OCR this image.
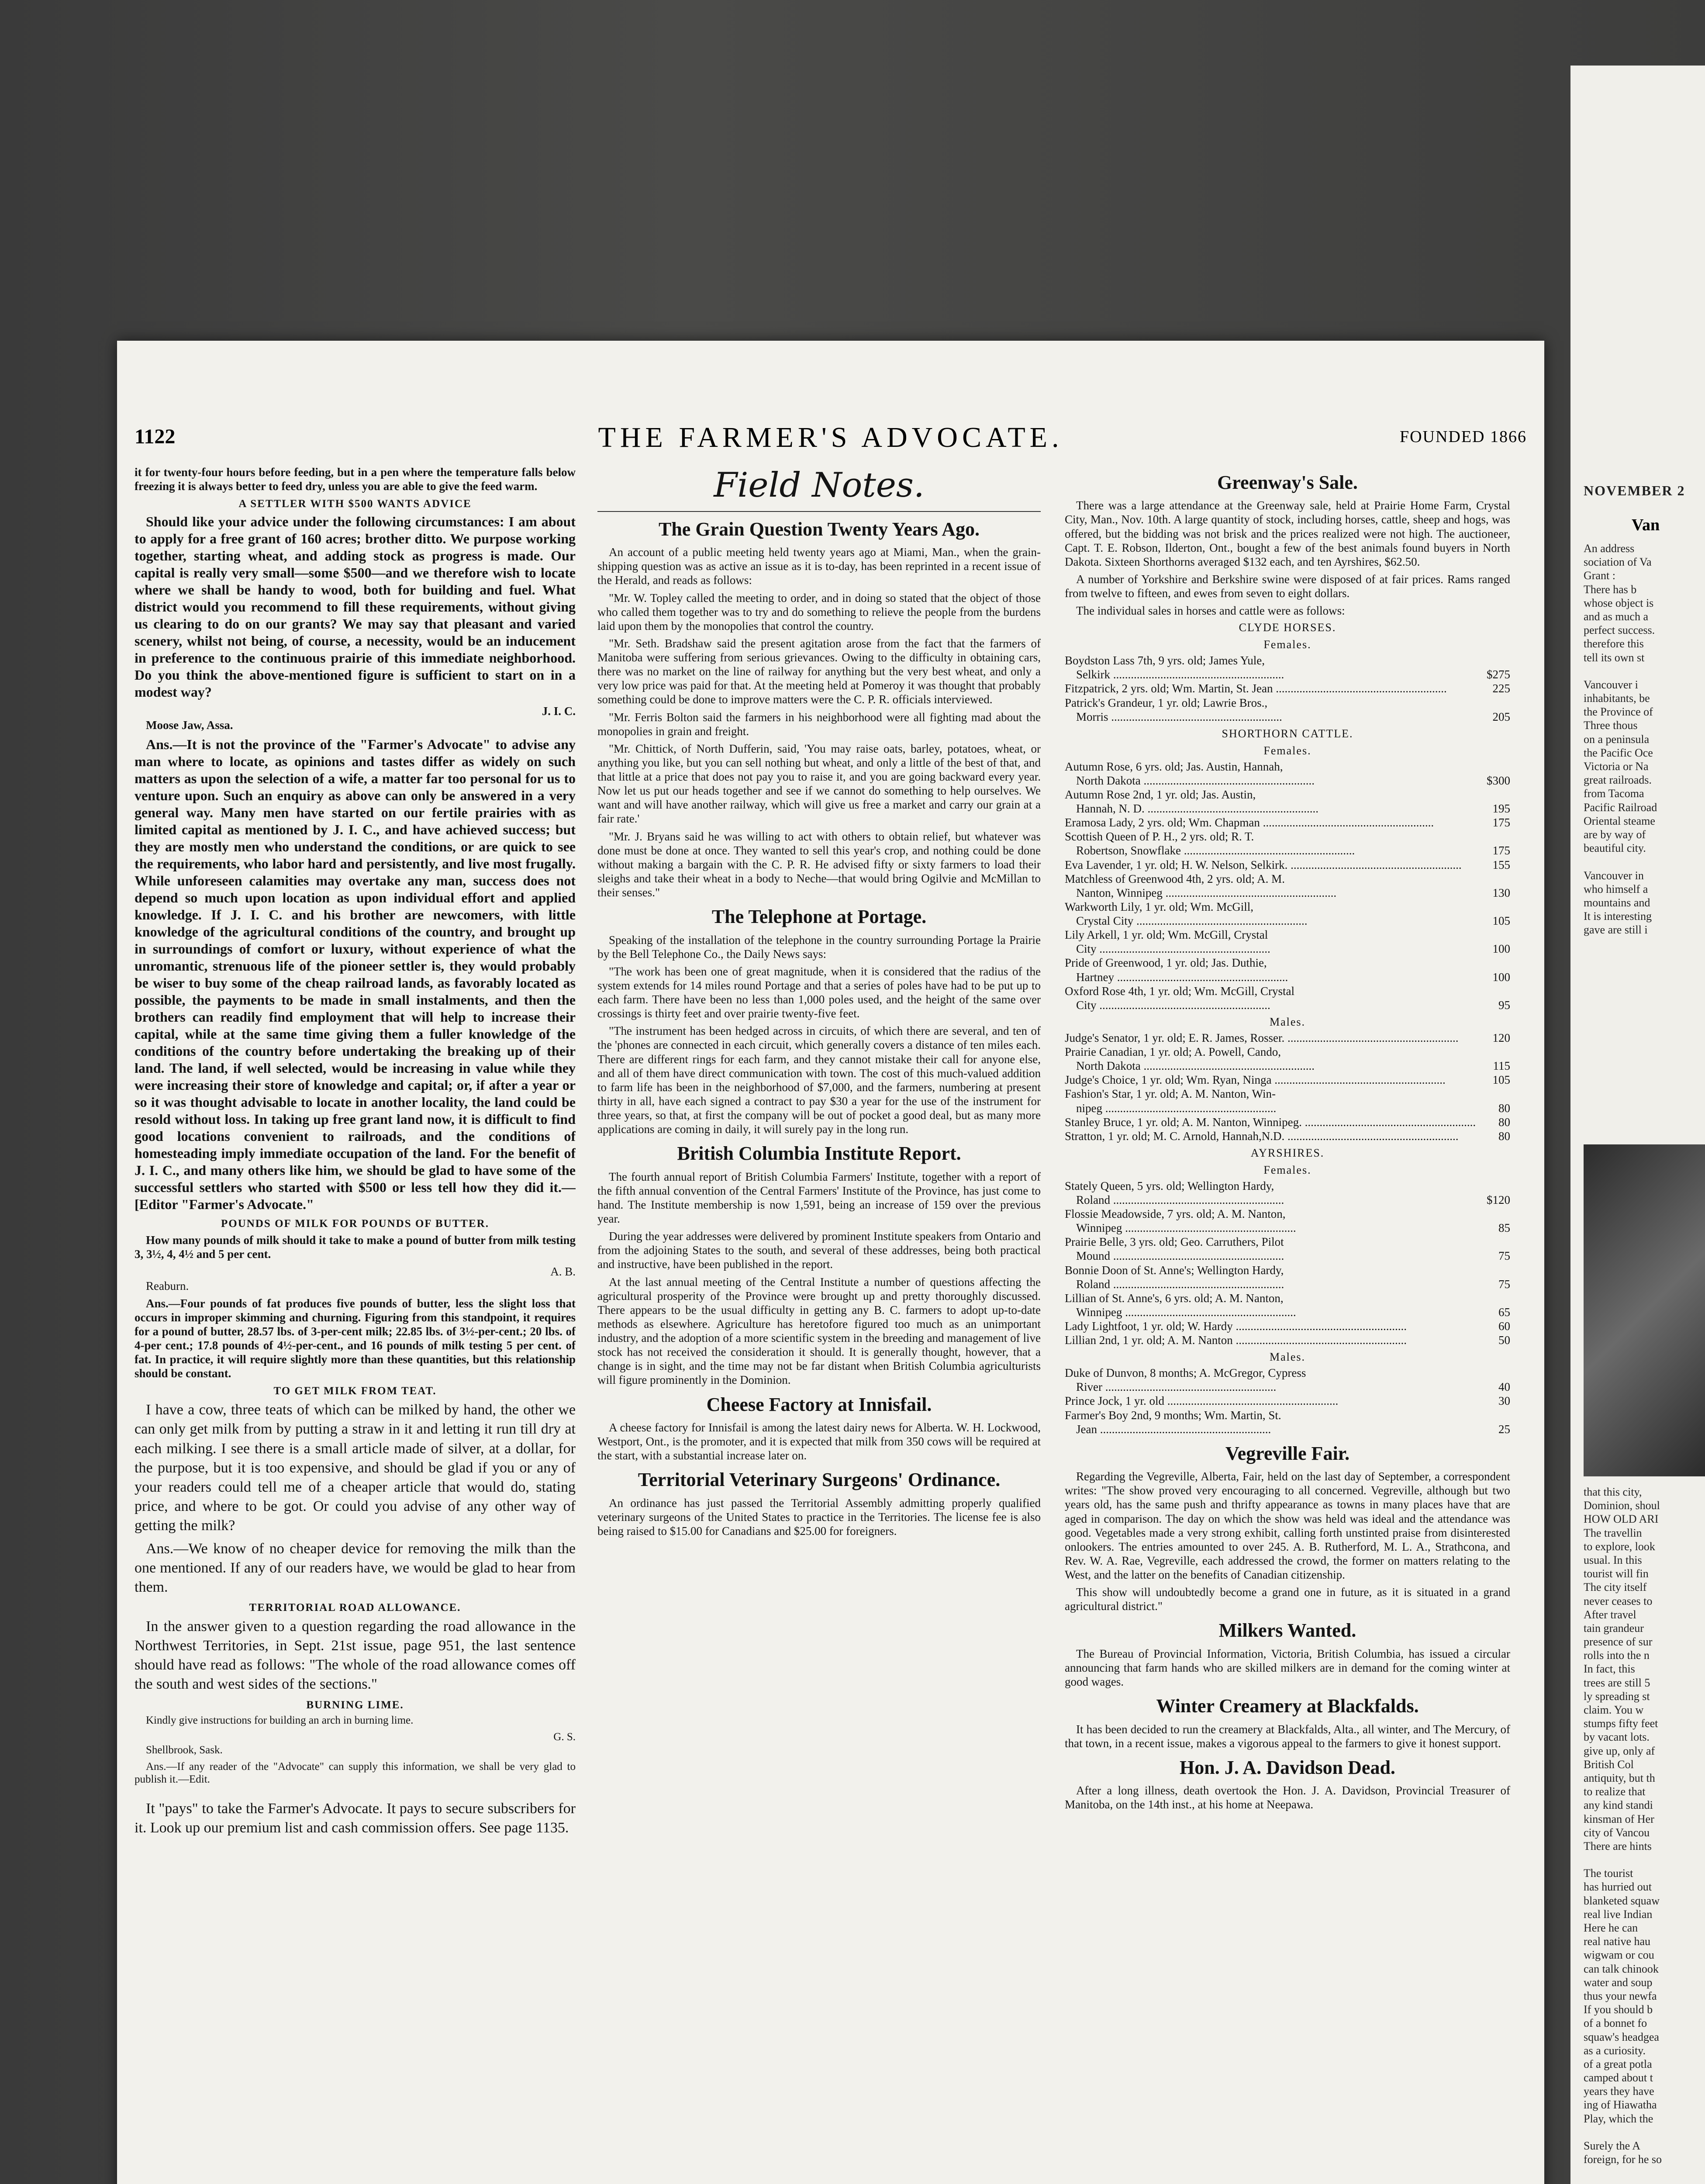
NOVEMBER 2
Van
An address
sociation of Va
Grant :
There has b
whose object is
and as much a
perfect success.
therefore this
tell its own st

Vancouver i
inhabitants, be
the Province of
Three thous
on a peninsula
the Pacific Oce
Victoria or Na
great railroads.
from Tacoma
Pacific Railroad
Oriental steame
are by way of
beautiful city.

Vancouver in
who himself a
mountains and
It is interesting
gave are still i
that this city,
Dominion, shoul
HOW OLD ARI
The travellin
to explore, look
usual. In this
tourist will fin
The city itself
never ceases to
After travel
tain grandeur
presence of sur
rolls into the n
In fact, this
trees are still 5
ly spreading st
claim. You w
stumps fifty feet
by vacant lots.
give up, only af
British Col
antiquity, but th
to realize that
any kind standi
kinsman of Her
city of Vancou
There are hints

The tourist
has hurried out
blanketed squaw
real live Indian
Here he can
real native hau
wigwam or cou
can talk chinook
water and soup
thus your newfa
If you should b
of a bonnet fo
squaw's headgea
as a curiosity.
of a great potla
camped about t
years they have
ing of Hiawatha
Play, which the

Surely the A
foreign, for he so
1122	THE FARMER'S ADVOCATE.	FOUNDED 1866

it for twenty-four hours before feeding, but in a pen where the temperature falls below freezing it is always better to feed dry, unless you are able to give the feed warm.

A SETTLER WITH $500 WANTS ADVICE

Should like your advice under the following circumstances: I am about to apply for a free grant of 160 acres; brother ditto. We purpose working together, starting wheat, and adding stock as progress is made. Our capital is really very small—some $500—and we therefore wish to locate where we shall be handy to wood, both for building and fuel. What district would you recommend to fill these requirements, without giving us clearing to do on our grants? We may say that pleasant and varied scenery, whilst not being, of course, a necessity, would be an inducement in preference to the continuous prairie of this immediate neighborhood. Do you think the above-mentioned figure is sufficient to start on in a modest way?

J. I. C.

Moose Jaw, Assa.

Ans.—It is not the province of the "Farmer's Advocate" to advise any man where to locate, as opinions and tastes differ as widely on such matters as upon the selection of a wife, a matter far too personal for us to venture upon. Such an enquiry as above can only be answered in a very general way. Many men have started on our fertile prairies with as limited capital as mentioned by J. I. C., and have achieved success; but they are mostly men who understand the conditions, or are quick to see the requirements, who labor hard and persistently, and live most frugally. While unforeseen calamities may overtake any man, success does not depend so much upon location as upon individual effort and applied knowledge. If J. I. C. and his brother are newcomers, with little knowledge of the agricultural conditions of the country, and brought up in surroundings of comfort or luxury, without experience of what the unromantic, strenuous life of the pioneer settler is, they would probably be wiser to buy some of the cheap railroad lands, as favorably located as possible, the payments to be made in small instalments, and then the brothers can readily find employment that will help to increase their capital, while at the same time giving them a fuller knowledge of the conditions of the country before undertaking the breaking up of their land. The land, if well selected, would be increasing in value while they were increasing their store of knowledge and capital; or, if after a year or so it was thought advisable to locate in another locality, the land could be resold without loss. In taking up free grant land now, it is difficult to find good locations convenient to railroads, and the conditions of homesteading imply immediate occupation of the land. For the benefit of J. I. C., and many others like him, we should be glad to have some of the successful settlers who started with $500 or less tell how they did it.—[Editor "Farmer's Advocate."

POUNDS OF MILK FOR POUNDS OF BUTTER.

How many pounds of milk should it take to make a pound of butter from milk testing 3, 3½, 4, 4½ and 5 per cent.

A. B.

Reaburn.

Ans.—Four pounds of fat produces five pounds of butter, less the slight loss that occurs in improper skimming and churning. Figuring from this standpoint, it requires for a pound of butter, 28.57 lbs. of 3-per-cent milk; 22.85 lbs. of 3½-per-cent.; 20 lbs. of 4-per cent.; 17.8 pounds of 4½-per-cent., and 16 pounds of milk testing 5 per cent. of fat. In practice, it will require slightly more than these quantities, but this relationship should be constant.

TO GET MILK FROM TEAT.

I have a cow, three teats of which can be milked by hand, the other we can only get milk from by putting a straw in it and letting it run till dry at each milking. I see there is a small article made of silver, at a dollar, for the purpose, but it is too expensive, and should be glad if you or any of your readers could tell me of a cheaper article that would do, stating price, and where to be got. Or could you advise of any other way of getting the milk?

Ans.—We know of no cheaper device for removing the milk than the one mentioned. If any of our readers have, we would be glad to hear from them.

TERRITORIAL ROAD ALLOWANCE.

In the answer given to a question regarding the road allowance in the Northwest Territories, in Sept. 21st issue, page 951, the last sentence should have read as follows: "The whole of the road allowance comes off the south and west sides of the sections."

BURNING LIME.

Kindly give instructions for building an arch in burning lime.

G. S.

Shellbrook, Sask.

Ans.—If any reader of the "Advocate" can supply this information, we shall be very glad to publish it.—Edit.

It "pays" to take the Farmer's Advocate. It pays to secure subscribers for it. Look up our premium list and cash commission offers. See page 1135.

Field Notes.
The Grain Question Twenty Years Ago.

An account of a public meeting held twenty years ago at Miami, Man., when the grain-shipping question was as active an issue as it is to-day, has been reprinted in a recent issue of the Herald, and reads as follows:

"Mr. W. Topley called the meeting to order, and in doing so stated that the object of those who called them together was to try and do something to relieve the people from the burdens laid upon them by the monopolies that control the country.

"Mr. Seth. Bradshaw said the present agitation arose from the fact that the farmers of Manitoba were suffering from serious grievances. Owing to the difficulty in obtaining cars, there was no market on the line of railway for anything but the very best wheat, and only a very low price was paid for that. At the meeting held at Pomeroy it was thought that probably something could be done to improve matters were the C. P. R. officials interviewed.

"Mr. Ferris Bolton said the farmers in his neighborhood were all fighting mad about the monopolies in grain and freight.

"Mr. Chittick, of North Dufferin, said, 'You may raise oats, barley, potatoes, wheat, or anything you like, but you can sell nothing but wheat, and only a little of the best of that, and that little at a price that does not pay you to raise it, and you are going backward every year. Now let us put our heads together and see if we cannot do something to help ourselves. We want and will have another railway, which will give us free a market and carry our grain at a fair rate.'

"Mr. J. Bryans said he was willing to act with others to obtain relief, but whatever was done must be done at once. They wanted to sell this year's crop, and nothing could be done without making a bargain with the C. P. R. He advised fifty or sixty farmers to load their sleighs and take their wheat in a body to Neche—that would bring Ogilvie and McMillan to their senses."

The Telephone at Portage.

Speaking of the installation of the telephone in the country surrounding Portage la Prairie by the Bell Telephone Co., the Daily News says:

"The work has been one of great magnitude, when it is considered that the radius of the system extends for 14 miles round Portage and that a series of poles have had to be put up to each farm. There have been no less than 1,000 poles used, and the height of the same over crossings is thirty feet and over prairie twenty-five feet.

"The instrument has been hedged across in circuits, of which there are several, and ten of the 'phones are connected in each circuit, which generally covers a distance of ten miles each. There are different rings for each farm, and they cannot mistake their call for anyone else, and all of them have direct communication with town. The cost of this much-valued addition to farm life has been in the neighborhood of $7,000, and the farmers, numbering at present thirty in all, have each signed a contract to pay $30 a year for the use of the instrument for three years, so that, at first the company will be out of pocket a good deal, but as many more applications are coming in daily, it will surely pay in the long run.

British Columbia Institute Report.

The fourth annual report of British Columbia Farmers' Institute, together with a report of the fifth annual convention of the Central Farmers' Institute of the Province, has just come to hand. The Institute membership is now 1,591, being an increase of 159 over the previous year.

During the year addresses were delivered by prominent Institute speakers from Ontario and from the adjoining States to the south, and several of these addresses, being both practical and instructive, have been published in the report.

At the last annual meeting of the Central Institute a number of questions affecting the agricultural prosperity of the Province were brought up and pretty thoroughly discussed. There appears to be the usual difficulty in getting any B. C. farmers to adopt up-to-date methods as elsewhere. Agriculture has heretofore figured too much as an unimportant industry, and the adoption of a more scientific system in the breeding and management of live stock has not received the consideration it should. It is generally thought, however, that a change is in sight, and the time may not be far distant when British Columbia agriculturists will figure prominently in the Dominion.

Cheese Factory at Innisfail.

A cheese factory for Innisfail is among the latest dairy news for Alberta. W. H. Lockwood, Westport, Ont., is the promoter, and it is expected that milk from 350 cows will be required at the start, with a substantial increase later on.

Territorial Veterinary Surgeons' Ordinance.

An ordinance has just passed the Territorial Assembly admitting properly qualified veterinary surgeons of the United States to practice in the Territories. The license fee is also being raised to $15.00 for Canadians and $25.00 for foreigners.

Greenway's Sale.

There was a large attendance at the Greenway sale, held at Prairie Home Farm, Crystal City, Man., Nov. 10th. A large quantity of stock, including horses, cattle, sheep and hogs, was offered, but the bidding was not brisk and the prices realized were not high. The auctioneer, Capt. T. E. Robson, Ilderton, Ont., bought a few of the best animals found buyers in North Dakota. Sixteen Shorthorns averaged $132 each, and ten Ayrshires, $62.50.

A number of Yorkshire and Berkshire swine were disposed of at fair prices. Rams ranged from twelve to fifteen, and ewes from seven to eight dollars.

The individual sales in horses and cattle were as follows:

CLYDE HORSES.
Females.
Boydston Lass 7th, 9 yrs. old; James Yule,
Selkirk ..........................................................	$275
Fitzpatrick, 2 yrs. old; Wm. Martin, St. Jean ..........................................................	225
Patrick's Grandeur, 1 yr. old; Lawrie Bros.,
Morris ..........................................................	205
SHORTHORN CATTLE.
Females.
Autumn Rose, 6 yrs. old; Jas. Austin, Hannah,
North Dakota ..........................................................	$300
Autumn Rose 2nd, 1 yr. old; Jas. Austin,
Hannah, N. D. ..........................................................	195
Eramosa Lady, 2 yrs. old; Wm. Chapman ..........................................................	175
Scottish Queen of P. H., 2 yrs. old; R. T.
Robertson, Snowflake ..........................................................	175
Eva Lavender, 1 yr. old; H. W. Nelson, Selkirk. ..........................................................	155
Matchless of Greenwood 4th, 2 yrs. old; A. M.
Nanton, Winnipeg ..........................................................	130
Warkworth Lily, 1 yr. old; Wm. McGill,
Crystal City ..........................................................	105
Lily Arkell, 1 yr. old; Wm. McGill, Crystal
City ..........................................................	100
Pride of Greenwood, 1 yr. old; Jas. Duthie,
Hartney ..........................................................	100
Oxford Rose 4th, 1 yr. old; Wm. McGill, Crystal
City ..........................................................	95
Males.
Judge's Senator, 1 yr. old; E. R. James, Rosser. ..........................................................	120
Prairie Canadian, 1 yr. old; A. Powell, Cando,
North Dakota ..........................................................	115
Judge's Choice, 1 yr. old; Wm. Ryan, Ninga ..........................................................	105
Fashion's Star, 1 yr. old; A. M. Nanton, Win-
nipeg ..........................................................	80
Stanley Bruce, 1 yr. old; A. M. Nanton, Winnipeg. ..........................................................	80
Stratton, 1 yr. old; M. C. Arnold, Hannah,N.D. ..........................................................	80
AYRSHIRES.
Females.
Stately Queen, 5 yrs. old; Wellington Hardy,
Roland ..........................................................	$120
Flossie Meadowside, 7 yrs. old; A. M. Nanton,
Winnipeg ..........................................................	85
Prairie Belle, 3 yrs. old; Geo. Carruthers, Pilot
Mound ..........................................................	75
Bonnie Doon of St. Anne's; Wellington Hardy,
Roland ..........................................................	75
Lillian of St. Anne's, 6 yrs. old; A. M. Nanton,
Winnipeg ..........................................................	65
Lady Lightfoot, 1 yr. old; W. Hardy ..........................................................	60
Lillian 2nd, 1 yr. old; A. M. Nanton ..........................................................	50
Males.
Duke of Dunvon, 8 months; A. McGregor, Cypress
River ..........................................................	40
Prince Jock, 1 yr. old ..........................................................	30
Farmer's Boy 2nd, 9 months; Wm. Martin, St.
Jean ..........................................................	25
Vegreville Fair.

Regarding the Vegreville, Alberta, Fair, held on the last day of September, a correspondent writes: "The show proved very encouraging to all concerned. Vegreville, although but two years old, has the same push and thrifty appearance as towns in many places have that are aged in comparison. The day on which the show was held was ideal and the attendance was good. Vegetables made a very strong exhibit, calling forth unstinted praise from disinterested onlookers. The entries amounted to over 245. A. B. Rutherford, M. L. A., Strathcona, and Rev. W. A. Rae, Vegreville, each addressed the crowd, the former on matters relating to the West, and the latter on the benefits of Canadian citizenship.

This show will undoubtedly become a grand one in future, as it is situated in a grand agricultural district."

Milkers Wanted.

The Bureau of Provincial Information, Victoria, British Columbia, has issued a circular announcing that farm hands who are skilled milkers are in demand for the coming winter at good wages.

Winter Creamery at Blackfalds.

It has been decided to run the creamery at Blackfalds, Alta., all winter, and The Mercury, of that town, in a recent issue, makes a vigorous appeal to the farmers to give it honest support.

Hon. J. A. Davidson Dead.

After a long illness, death overtook the Hon. J. A. Davidson, Provincial Treasurer of Manitoba, on the 14th inst., at his home at Neepawa.
